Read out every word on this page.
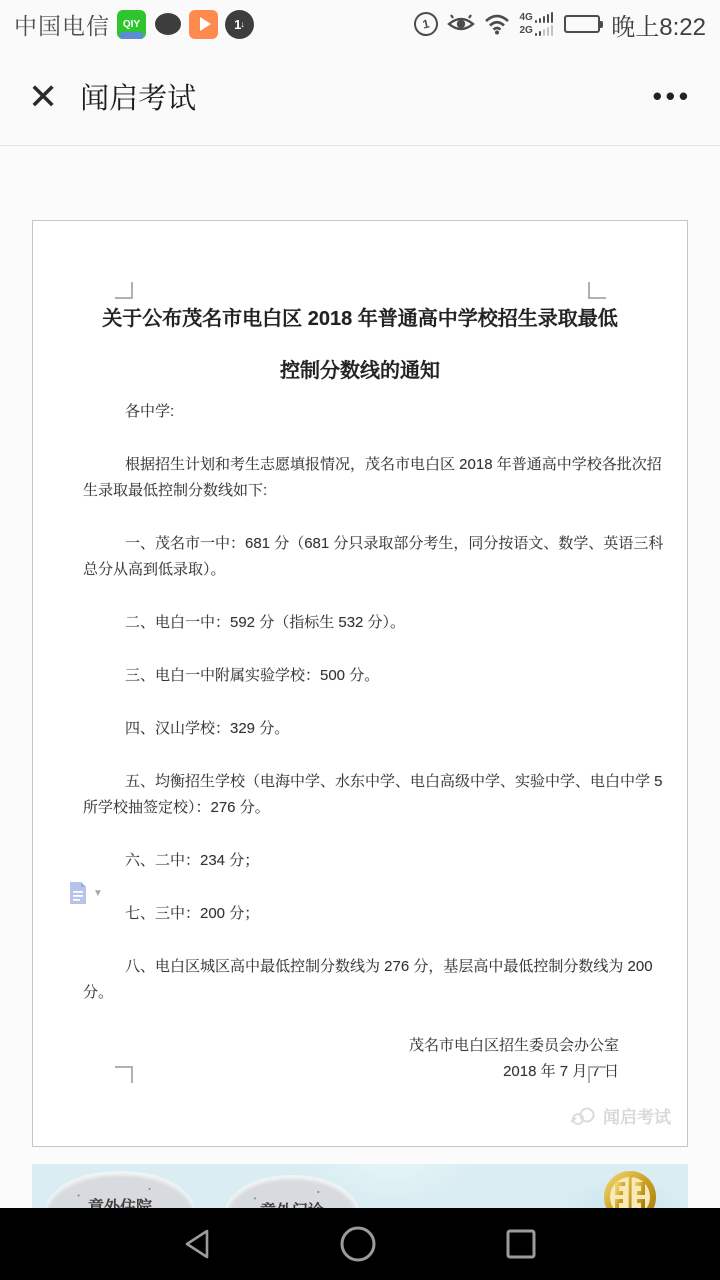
中国电信 QIY	1 ↓	1	4G
2G	晚上8:22
✕ 闻启考试	•••
关于公布茂名市电白区 2018 年普通高中学校招生录取最低
控制分数线的通知

各中学:

根据招生计划和考生志愿填报情况，茂名市电白区 2018 年普通高中学校各批次招生录取最低控制分数线如下:

一、茂名市一中：681 分（681 分只录取部分考生，同分按语文、数学、英语三科总分从高到低录取）。

二、电白一中：592 分（指标生 532 分）。

三、电白一中附属实验学校：500 分。

四、汉山学校：329 分。

五、均衡招生学校（电海中学、水东中学、电白高级中学、实验中学、电白中学 5 所学校抽签定校）：276 分。

六、二中：234 分；

七、三中：200 分；

八、电白区城区高中最低控制分数线为 276 分，基层高中最低控制分数线为 200 分。

茂名市电白区招生委员会办公室

2018 年 7 月 7 日

▼
闻启考试
